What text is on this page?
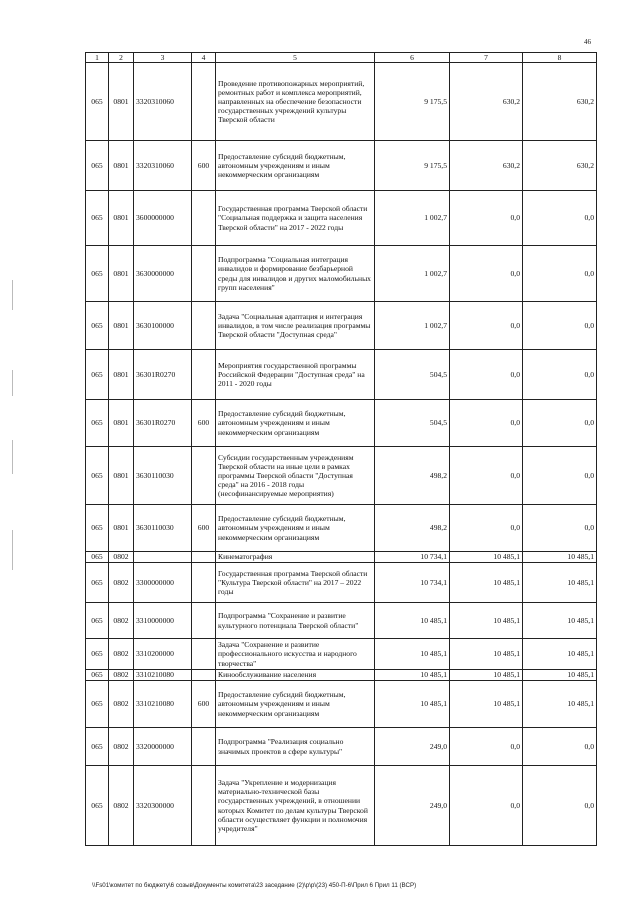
46
1	2	3	4	5	6	7	8
065	0801	3320310060		Проведение противопожарных мероприятий, ремонтных работ и комплекса мероприятий, направленных на обеспечение безопасности государственных учреждений культуры Тверской области	9 175,5	630,2	630,2
065	0801	3320310060	600	Предоставление субсидий бюджетным, автономным учреждениям и иным некоммерческим организациям	9 175,5	630,2	630,2
065	0801	3600000000		Государственная программа Тверской области "Социальная поддержка и защита населения Тверской области" на 2017 - 2022 годы	1 002,7	0,0	0,0
065	0801	3630000000		Подпрограмма "Социальная интеграция инвалидов и формирование безбарьерной среды для инвалидов и других маломобильных групп населения"	1 002,7	0,0	0,0
065	0801	3630100000		Задача "Социальная адаптация и интеграция инвалидов, в том числе реализация программы Тверской области "Доступная среда"	1 002,7	0,0	0,0
065	0801	36301R0270		Мероприятия государственной программы Российской Федерации "Доступная среда" на 2011 - 2020 годы	504,5	0,0	0,0
065	0801	36301R0270	600	Предоставление субсидий бюджетным, автономным учреждениям и иным некоммерческим организациям	504,5	0,0	0,0
065	0801	3630110030		Субсидии государственным учреждениям Тверской области на иные цели в рамках программы Тверской области "Доступная среда" на 2016 - 2018 годы (несофинансируемые мероприятия)	498,2	0,0	0,0
065	0801	3630110030	600	Предоставление субсидий бюджетным, автономным учреждениям и иным некоммерческим организациям	498,2	0,0	0,0
065	0802			Кинематография	10 734,1	10 485,1	10 485,1
065	0802	3300000000		Государственная программа Тверской области "Культура Тверской области" на 2017 – 2022 годы	10 734,1	10 485,1	10 485,1
065	0802	3310000000		Подпрограмма "Сохранение и развитие культурного потенциала Тверской области"	10 485,1	10 485,1	10 485,1
065	0802	3310200000		Задача "Сохранение и развитие профессионального искусства и народного творчества"	10 485,1	10 485,1	10 485,1
065	0802	3310210080		Кинообслуживание населения	10 485,1	10 485,1	10 485,1
065	0802	3310210080	600	Предоставление субсидий бюджетным, автономным учреждениям и иным некоммерческим организациям	10 485,1	10 485,1	10 485,1
065	0802	3320000000		Подпрограмма "Реализация социально значимых проектов в сфере культуры"	249,0	0,0	0,0
065	0802	3320300000		Задача "Укрепление и модернизация материально-технической базы государственных учреждений, в отношении которых Комитет по делам культуры Тверской области осуществляет функции и полномочия учредителя"	249,0	0,0	0,0
\\Fs01\комитет по бюджету\6 созыв\Документы комитета\23 заседание (2)\р\р\(23) 450-П-6\Прил 6 Прил 11 (ВСР)
